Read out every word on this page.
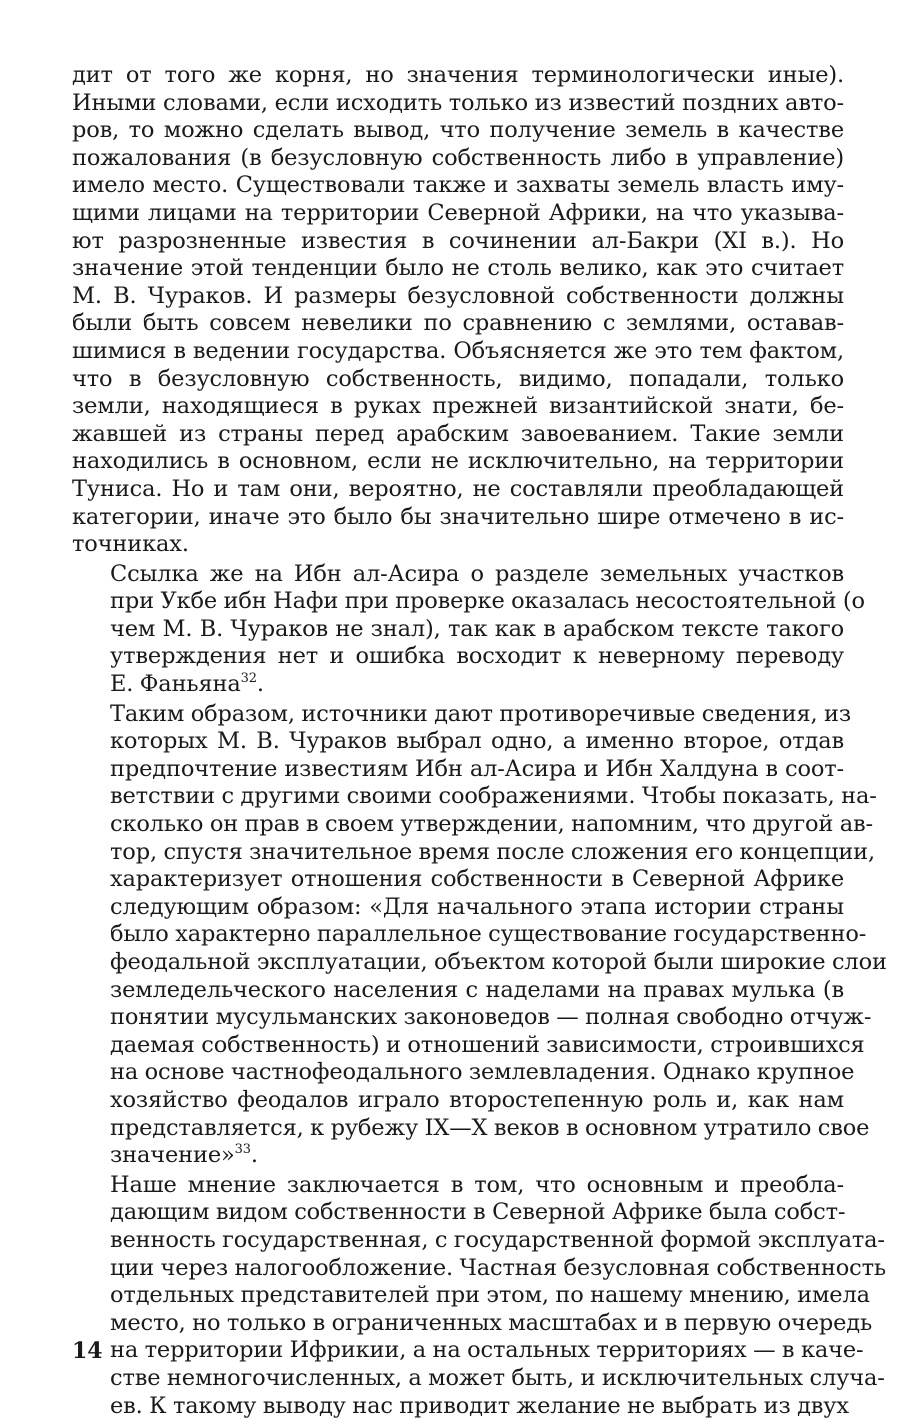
дит от того же корня, но значения терминологически иные).
Иными словами, если исходить только из известий поздних авто-
ров, то можно сделать вывод, что получение земель в качестве
пожалования (в безусловную собственность либо в управление)
имело место. Существовали также и захваты земель власть иму-
щими лицами на территории Северной Африки, на что указыва-
ют разрозненные известия в сочинении ал-Бакри (XI в.). Но
значение этой тенденции было не столь велико, как это считает
М. В. Чураков. И размеры безусловной собственности должны
были быть совсем невелики по сравнению с землями, оставав-
шимися в ведении государства. Объясняется же это тем фактом,
что в безусловную собственность, видимо, попадали, только
земли, находящиеся в руках прежней византийской знати, бе-
жавшей из страны перед арабским завоеванием. Такие земли
находились в основном, если не исключительно, на территории
Туниса. Но и там они, вероятно, не составляли преобладающей
категории, иначе это было бы значительно шире отмечено в ис-
точниках.
Ссылка же на Ибн ал-Асира о разделе земельных участков
при Укбе ибн Нафи при проверке оказалась несостоятельной (о
чем М. В. Чураков не знал), так как в арабском тексте такого
утверждения нет и ошибка восходит к неверному переводу
Е. Фаньяна$^{32}$.
Таким образом, источники дают противоречивые сведения, из
которых М. В. Чураков выбрал одно, а именно второе, отдав
предпочтение известиям Ибн ал-Асира и Ибн Халдуна в соот-
ветствии с другими своими соображениями. Чтобы показать, на-
сколько он прав в своем утверждении, напомним, что другой ав-
тор, спустя значительное время после сложения его концепции,
характеризует отношения собственности в Северной Африке
следующим образом: «Для начального этапа истории страны
было характерно параллельное существование государственно-
феодальной эксплуатации, объектом которой были широкие слои
земледельческого населения с наделами на правах мулька (в
понятии мусульманских законоведов — полная свободно отчуж-
даемая собственность) и отношений зависимости, строившихся
на основе частнофеодального землевладения. Однако крупное
хозяйство феодалов играло второстепенную роль и, как нам
представляется, к рубежу IX—X веков в основном утратило свое
значение»$^{33}$.
Наше мнение заключается в том, что основным и преобла-
дающим видом собственности в Северной Африке была собст-
венность государственная, с государственной формой эксплуата-
ции через налогообложение. Частная безусловная собственность
отдельных представителей при этом, по нашему мнению, имела
место, но только в ограниченных масштабах и в первую очередь
на территории Ифрикии, а на остальных территориях — в каче-
стве немногочисленных, а может быть, и исключительных случа-
ев. К такому выводу нас приводит желание не выбрать из двух
14
